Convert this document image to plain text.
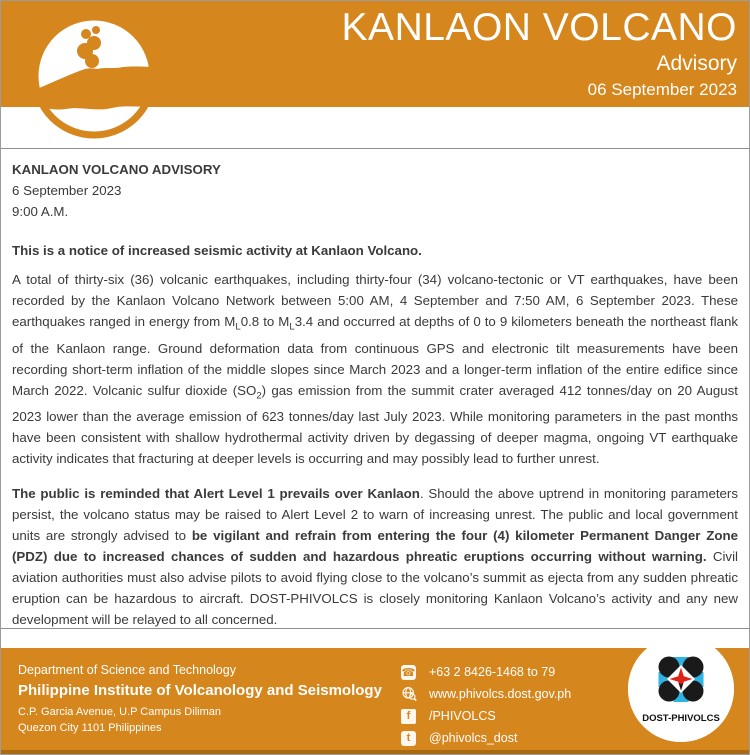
KANLAON VOLCANO
Advisory
06 September 2023
KANLAON VOLCANO ADVISORY
6 September 2023
9:00 A.M.
This is a notice of increased seismic activity at Kanlaon Volcano.

A total of thirty-six (36) volcanic earthquakes, including thirty-four (34) volcano-tectonic or VT earthquakes, have been recorded by the Kanlaon Volcano Network between 5:00 AM, 4 September and 7:50 AM, 6 September 2023. These earthquakes ranged in energy from $M_L0.8$ to $M_L3.4$ and occurred at depths of 0 to 9 kilometers beneath the northeast flank of the Kanlaon range. Ground deformation data from continuous GPS and electronic tilt measurements have been recording short-term inflation of the middle slopes since March 2023 and a longer-term inflation of the entire edifice since March 2022. Volcanic sulfur dioxide $(SO_2)$ gas emission from the summit crater averaged 412 tonnes/day on 20 August 2023 lower than the average emission of 623 tonnes/day last July 2023. While monitoring parameters in the past months have been consistent with shallow hydrothermal activity driven by degassing of deeper magma, ongoing VT earthquake activity indicates that fracturing at deeper levels is occurring and may possibly lead to further unrest.

The public is reminded that Alert Level 1 prevails over Kanlaon. Should the above uptrend in monitoring parameters persist, the volcano status may be raised to Alert Level 2 to warn of increasing unrest. The public and local government units are strongly advised to be vigilant and refrain from entering the four (4) kilometer Permanent Danger Zone (PDZ) due to increased chances of sudden and hazardous phreatic eruptions occurring without warning. Civil aviation authorities must also advise pilots to avoid flying close to the volcano’s summit as ejecta from any sudden phreatic eruption can be hazardous to aircraft. DOST-PHIVOLCS is closely monitoring Kanlaon Volcano’s activity and any new development will be relayed to all concerned.

Department of Science and Technology
Philippine Institute of Volcanology and Seismology
C.P. Garcia Avenue, U.P Campus Diliman
Quezon City 1101 Philippines
☎ +63 2 8426-1468 to 79
www.phivolcs.dost.gov.ph
f /PHIVOLCS
t @phivolcs_dost
DOST-PHIVOLCS
